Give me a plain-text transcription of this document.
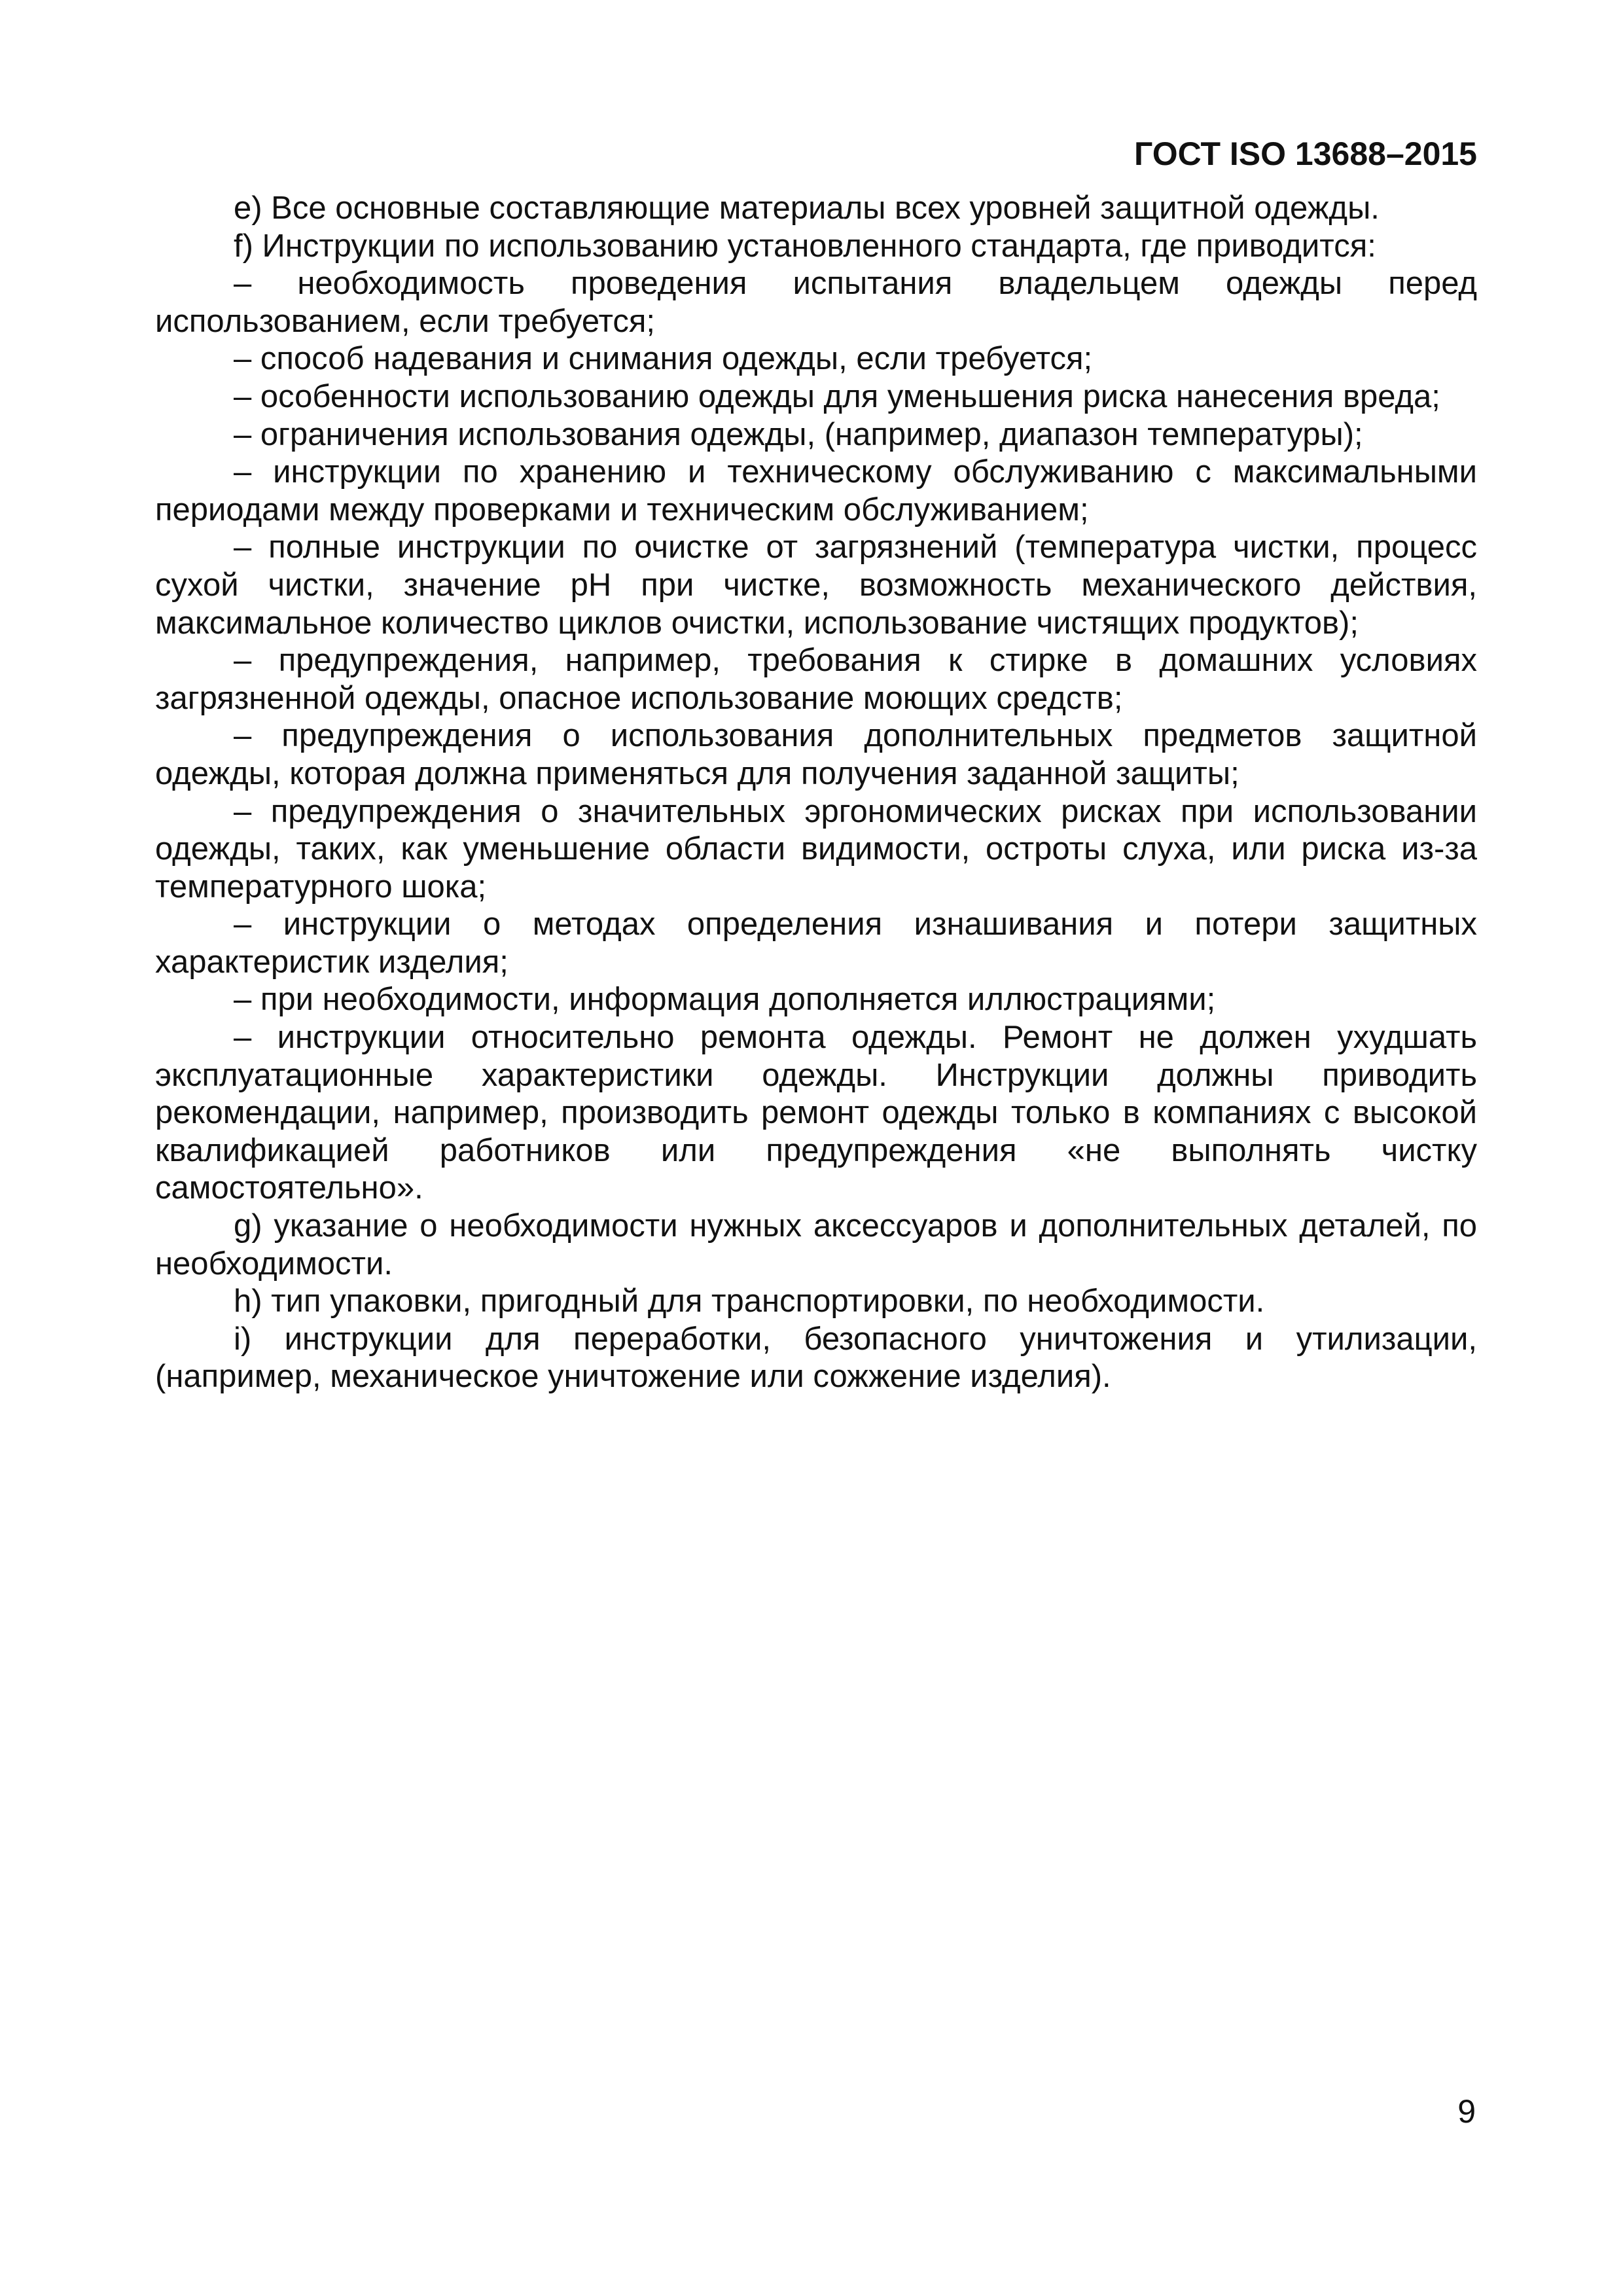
ГОСТ ISO 13688–2015

е) Все основные составляющие материалы всех уровней защитной одежды.

f) Инструкции по использованию установленного стандарта, где приводится:

– необходимость проведения испытания владельцем одежды перед использованием, если требуется;

– способ надевания и снимания одежды, если требуется;

– особенности использованию одежды для уменьшения риска нанесения вреда;

– ограничения использования одежды, (например, диапазон температуры);

– инструкции по хранению и техническому обслуживанию с максимальными периодами между проверками и техническим обслуживанием;

– полные инструкции по очистке от загрязнений (температура чистки, процесс сухой чистки, значение pH при чистке, возможность механического действия, максимальное количество циклов очистки, использование чистящих продуктов);

– предупреждения, например, требования к стирке в домашних условиях загрязненной одежды, опасное использование моющих средств;

– предупреждения о использования дополнительных предметов защитной одежды, которая должна применяться для получения заданной защиты;

– предупреждения о значительных эргономических рисках при использовании одежды, таких, как уменьшение области видимости, остроты слуха, или риска из-за температурного шока;

– инструкции о методах определения изнашивания и потери защитных характеристик изделия;

– при необходимости, информация дополняется иллюстрациями;

– инструкции относительно ремонта одежды. Ремонт не должен ухудшать эксплуатационные характеристики одежды. Инструкции должны приводить рекомендации, например, производить ремонт одежды только в компаниях с высокой квалификацией работников или предупреждения «не выполнять чистку самостоятельно».

g) указание о необходимости нужных аксессуаров и дополнительных деталей, по необходимости.

h) тип упаковки, пригодный для транспортировки, по необходимости.

i) инструкции для переработки, безопасного уничтожения и утилизации, (например, механическое уничтожение или сожжение изделия).

9
